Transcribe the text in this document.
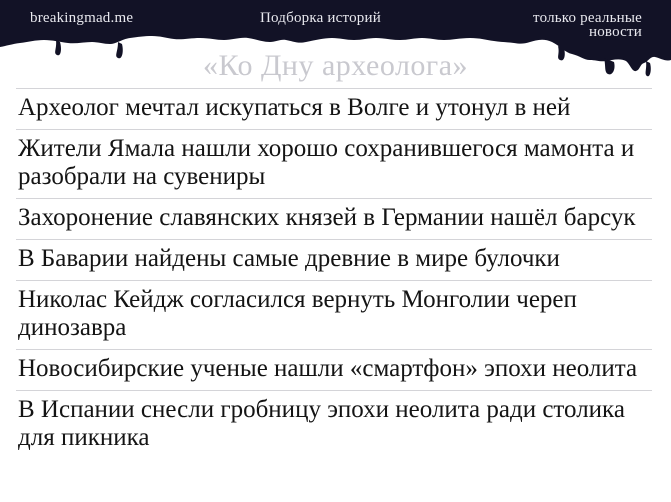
breakingmad.me	Подборка историй	только реальные новости
«Ко Дну археолога»
Археолог мечтал искупаться в Волге и утонул в ней
Жители Ямала нашли хорошо сохранившегося мамонта и разобрали на сувениры
Захоронение славянских князей в Германии нашёл барсук
В Баварии найдены самые древние в мире булочки
Николас Кейдж согласился вернуть Монголии череп динозавра
Новосибирские ученые нашли «смартфон» эпохи неолита
В Испании снесли гробницу эпохи неолита ради столика для пикника
